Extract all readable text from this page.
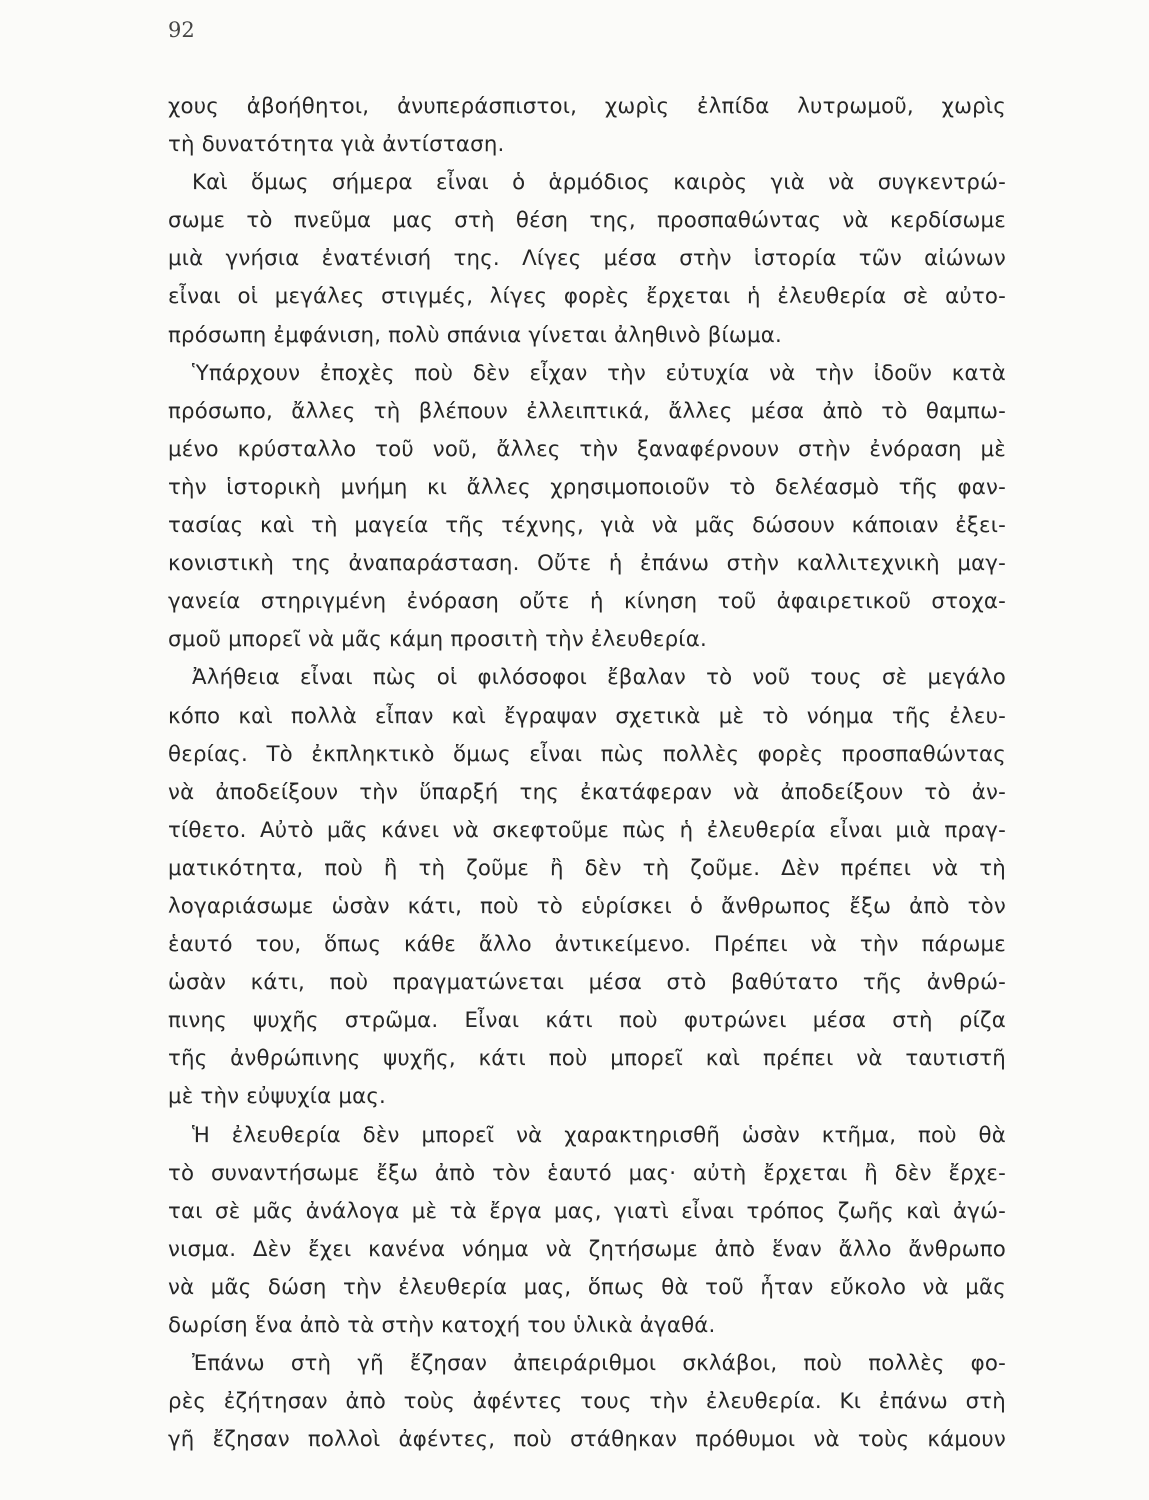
92
χους ἀβοήθητοι, ἀνυπεράσπιστοι, χωρὶς ἐλπίδα λυτρωμοῦ, χωρὶς
τὴ δυνατότητα γιὰ ἀντίσταση.
Καὶ ὅμως σήμερα εἶναι ὁ ἁρμόδιος καιρὸς γιὰ νὰ συγκεντρώ-
σωμε τὸ πνεῦμα μας στὴ θέση της, προσπαθώντας νὰ κερδίσωμε
μιὰ γνήσια ἐνατένισή της. Λίγες μέσα στὴν ἱστορία τῶν αἰώνων
εἶναι οἱ μεγάλες στιγμές, λίγες φορὲς ἔρχεται ἡ ἐλευθερία σὲ αὐτο-
πρόσωπη ἐμφάνιση, πολὺ σπάνια γίνεται ἀληθινὸ βίωμα.
Ὑπάρχουν ἐποχὲς ποὺ δὲν εἶχαν τὴν εὐτυχία νὰ τὴν ἰδοῦν κατὰ
πρόσωπο, ἄλλες τὴ βλέπουν ἐλλειπτικά, ἄλλες μέσα ἀπὸ τὸ θαμπω-
μένο κρύσταλλο τοῦ νοῦ, ἄλλες τὴν ξαναφέρνουν στὴν ἐνόραση μὲ
τὴν ἱστορικὴ μνήμη κι ἄλλες χρησιμοποιοῦν τὸ δελέασμὸ τῆς φαν-
τασίας καὶ τὴ μαγεία τῆς τέχνης, γιὰ νὰ μᾶς δώσουν κάποιαν ἐξει-
κονιστικὴ της ἀναπαράσταση. Οὔτε ἡ ἐπάνω στὴν καλλιτεχνικὴ μαγ-
γανεία στηριγμένη ἐνόραση οὔτε ἡ κίνηση τοῦ ἀφαιρετικοῦ στοχα-
σμοῦ μπορεῖ νὰ μᾶς κάμη προσιτὴ τὴν ἐλευθερία.
Ἀλήθεια εἶναι πὼς οἱ φιλόσοφοι ἔβαλαν τὸ νοῦ τους σὲ μεγάλο
κόπο καὶ πολλὰ εἶπαν καὶ ἔγραψαν σχετικὰ μὲ τὸ νόημα τῆς ἐλευ-
θερίας. Τὸ ἐκπληκτικὸ ὅμως εἶναι πὼς πολλὲς φορὲς προσπαθώντας
νὰ ἀποδείξουν τὴν ὕπαρξή της ἐκατάφεραν νὰ ἀποδείξουν τὸ ἀν-
τίθετο. Αὐτὸ μᾶς κάνει νὰ σκεφτοῦμε πὼς ἡ ἐλευθερία εἶναι μιὰ πραγ-
ματικότητα, ποὺ ἢ τὴ ζοῦμε ἢ δὲν τὴ ζοῦμε. Δὲν πρέπει νὰ τὴ
λογαριάσωμε ὡσὰν κάτι, ποὺ τὸ εὑρίσκει ὁ ἄνθρωπος ἔξω ἀπὸ τὸν
ἑαυτό του, ὅπως κάθε ἄλλο ἀντικείμενο. Πρέπει νὰ τὴν πάρωμε
ὡσὰν κάτι, ποὺ πραγματώνεται μέσα στὸ βαθύτατο τῆς ἀνθρώ-
πινης ψυχῆς στρῶμα. Εἶναι κάτι ποὺ φυτρώνει μέσα στὴ ρίζα
τῆς ἀνθρώπινης ψυχῆς, κάτι ποὺ μπορεῖ καὶ πρέπει νὰ ταυτιστῆ
μὲ τὴν εὐψυχία μας.
Ἡ ἐλευθερία δὲν μπορεῖ νὰ χαρακτηρισθῆ ὡσὰν κτῆμα, ποὺ θὰ
τὸ συναντήσωμε ἔξω ἀπὸ τὸν ἑαυτό μας· αὐτὴ ἔρχεται ἢ δὲν ἔρχε-
ται σὲ μᾶς ἀνάλογα μὲ τὰ ἔργα μας, γιατὶ εἶναι τρόπος ζωῆς καὶ ἀγώ-
νισμα. Δὲν ἔχει κανένα νόημα νὰ ζητήσωμε ἀπὸ ἕναν ἄλλο ἄνθρωπο
νὰ μᾶς δώση τὴν ἐλευθερία μας, ὅπως θὰ τοῦ ἦταν εὔκολο νὰ μᾶς
δωρίση ἕνα ἀπὸ τὰ στὴν κατοχή του ὑλικὰ ἀγαθά.
Ἐπάνω στὴ γῆ ἔζησαν ἀπειράριθμοι σκλάβοι, ποὺ πολλὲς φο-
ρὲς ἐζήτησαν ἀπὸ τοὺς ἀφέντες τους τὴν ἐλευθερία. Κι ἐπάνω στὴ
γῆ ἔζησαν πολλοὶ ἀφέντες, ποὺ στάθηκαν πρόθυμοι νὰ τοὺς κάμουν
